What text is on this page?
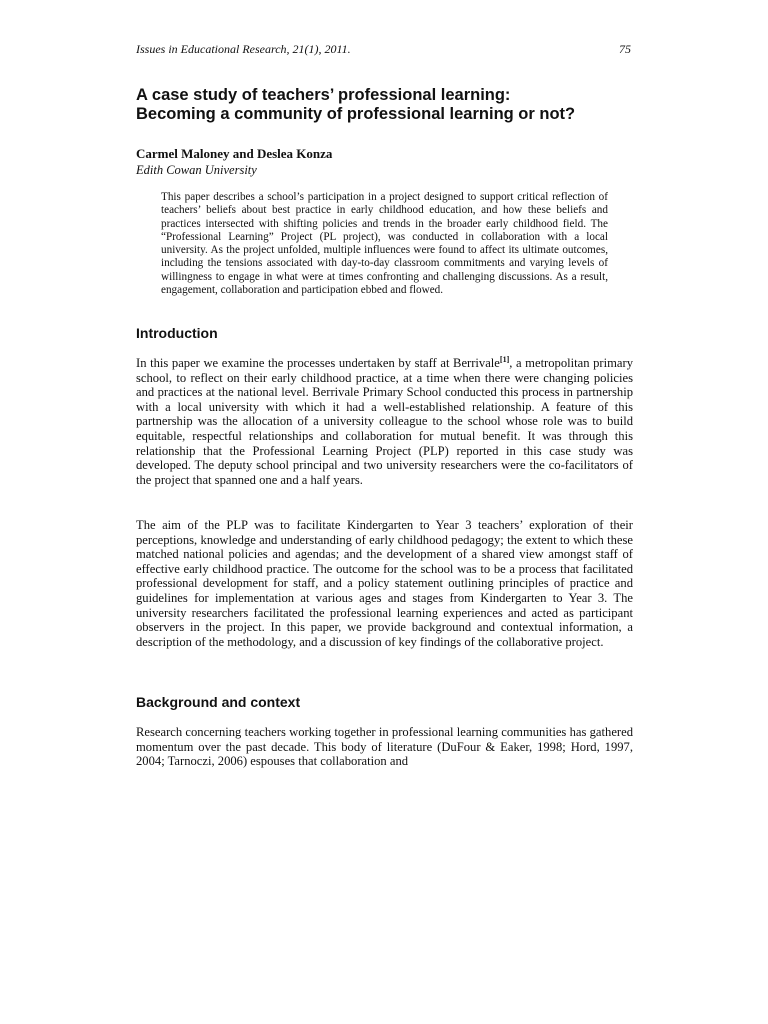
Issues in Educational Research, 21(1), 2011.	75
A case study of teachers’ professional learning:
Becoming a community of professional learning or not?
Carmel Maloney and Deslea Konza
Edith Cowan University

This paper describes a school’s participation in a project designed to support critical reflection of teachers’ beliefs about best practice in early childhood education, and how these beliefs and practices intersected with shifting policies and trends in the broader early childhood field. The “Professional Learning” Project (PL project), was conducted in collaboration with a local university. As the project unfolded, multiple influences were found to affect its ultimate outcomes, including the tensions associated with day-to-day classroom commitments and varying levels of willingness to engage in what were at times confronting and challenging discussions. As a result, engagement, collaboration and participation ebbed and flowed.

Introduction

In this paper we examine the processes undertaken by staff at Berrivale[1], a metropolitan primary school, to reflect on their early childhood practice, at a time when there were changing policies and practices at the national level. Berrivale Primary School conducted this process in partnership with a local university with which it had a well-established relationship. A feature of this partnership was the allocation of a university colleague to the school whose role was to build equitable, respectful relationships and collaboration for mutual benefit. It was through this relationship that the Professional Learning Project (PLP) reported in this case study was developed. The deputy school principal and two university researchers were the co-facilitators of the project that spanned one and a half years.

The aim of the PLP was to facilitate Kindergarten to Year 3 teachers’ exploration of their perceptions, knowledge and understanding of early childhood pedagogy; the extent to which these matched national policies and agendas; and the development of a shared view amongst staff of effective early childhood practice. The outcome for the school was to be a process that facilitated professional development for staff, and a policy statement outlining principles of practice and guidelines for implementation at various ages and stages from Kindergarten to Year 3. The university researchers facilitated the professional learning experiences and acted as participant observers in the project. In this paper, we provide background and contextual information, a description of the methodology, and a discussion of key findings of the collaborative project.

Background and context

Research concerning teachers working together in professional learning communities has gathered momentum over the past decade. This body of literature (DuFour & Eaker, 1998; Hord, 1997, 2004; Tarnoczi, 2006) espouses that collaboration and
